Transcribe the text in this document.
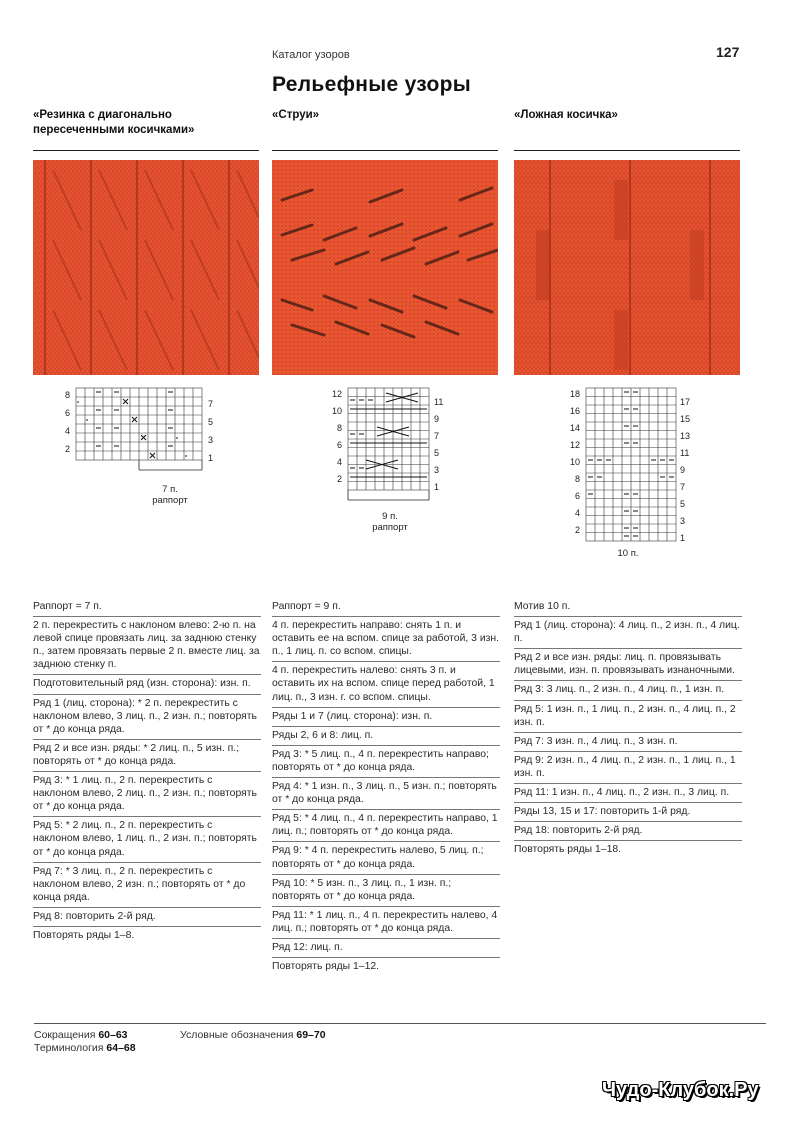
Каталог узоров	127
Рельефные узоры
«Резинка с диагонально
пересеченными косичками»
«Струи»	«Ложная косичка»
8
6
4
2
7
5
3
1
7 п.
раппорт
12
10
8
6
4
2
11
9
7
5
3
1
9 п.
раппорт
18
16
14
12
10
8
6
4
2
17
15
13
11
9
7
5
3
1
10 п.

Раппорт = 7 п.

2 п. перекрестить с наклоном влево: 2-ю п. на левой спице провязать лиц. за заднюю стенку п., затем провязать первые 2 п. вместе лиц. за заднюю стенку п.

Подготовительный ряд (изн. сторона): изн. п.

Ряд 1 (лиц. сторона): * 2 п. перекрестить с наклоном влево, 3 лиц. п., 2 изн. п.; повторять от * до конца ряда.

Ряд 2 и все изн. ряды: * 2 лиц. п., 5 изн. п.; повторять от * до конца ряда.

Ряд 3: * 1 лиц. п., 2 п. перекрестить с наклоном влево, 2 лиц. п., 2 изн. п.; повторять от * до конца ряда.

Ряд 5: * 2 лиц. п., 2 п. перекрестить с наклоном влево, 1 лиц. п., 2 изн. п.; повторять от * до конца ряда.

Ряд 7: * 3 лиц. п., 2 п. перекрестить с наклоном влево, 2 изн. п.; повторять от * до конца ряда.

Ряд 8: повторить 2-й ряд.

Повторять ряды 1–8.

Раппорт = 9 п.

4 п. перекрестить направо: снять 1 п. и оставить ее на вспом. спице за работой, 3 изн. п., 1 лиц. п. со вспом. спицы.

4 п. перекрестить налево: снять 3 п. и оставить их на вспом. спице перед работой, 1 лиц. п., 3 изн. г. со вспом. спицы.

Ряды 1 и 7 (лиц. сторона): изн. п.

Ряды 2, 6 и 8: лиц. п.

Ряд 3: * 5 лиц. п., 4 п. перекрестить направо; повторять от * до конца ряда.

Ряд 4: * 1 изн. п., 3 лиц. п., 5 изн. п.; повторять от * до конца ряда.

Ряд 5: * 4 лиц. п., 4 п. перекрестить направо, 1 лиц. п.; повторять от * до конца ряда.

Ряд 9: * 4 п. перекрестить налево, 5 лиц. п.; повторять от * до конца ряда.

Ряд 10: * 5 изн. п., 3 лиц. п., 1 изн. п.; повторять от * до конца ряда.

Ряд 11: * 1 лиц. п., 4 п. перекрестить налево, 4 лиц. п.; повторять от * до конца ряда.

Ряд 12: лиц. п.

Повторять ряды 1–12.

Мотив 10 п.

Ряд 1 (лиц. сторона): 4 лиц. п., 2 изн. п., 4 лиц. п.

Ряд 2 и все изн. ряды: лиц. п. провязывать лицевыми, изн. п. провязывать изнаночными.

Ряд 3: 3 лиц. п., 2 изн. п., 4 лиц. п., 1 изн. п.

Ряд 5: 1 изн. п., 1 лиц. п., 2 изн. п., 4 лиц. п., 2 изн. п.

Ряд 7: 3 изн. п., 4 лиц. п., 3 изн. п.

Ряд 9: 2 изн. п., 4 лиц. п., 2 изн. п., 1 лиц. п., 1 изн. п.

Ряд 11: 1 изн. п., 4 лиц. п., 2 изн. п., 3 лиц. п.

Ряды 13, 15 и 17: повторить 1-й ряд.

Ряд 18: повторить 2-й ряд.

Повторять ряды 1–18.

Сокращения 60–63
Терминология 64–68
Условные обозначения 69–70
Чудо-Клубок.Ру
